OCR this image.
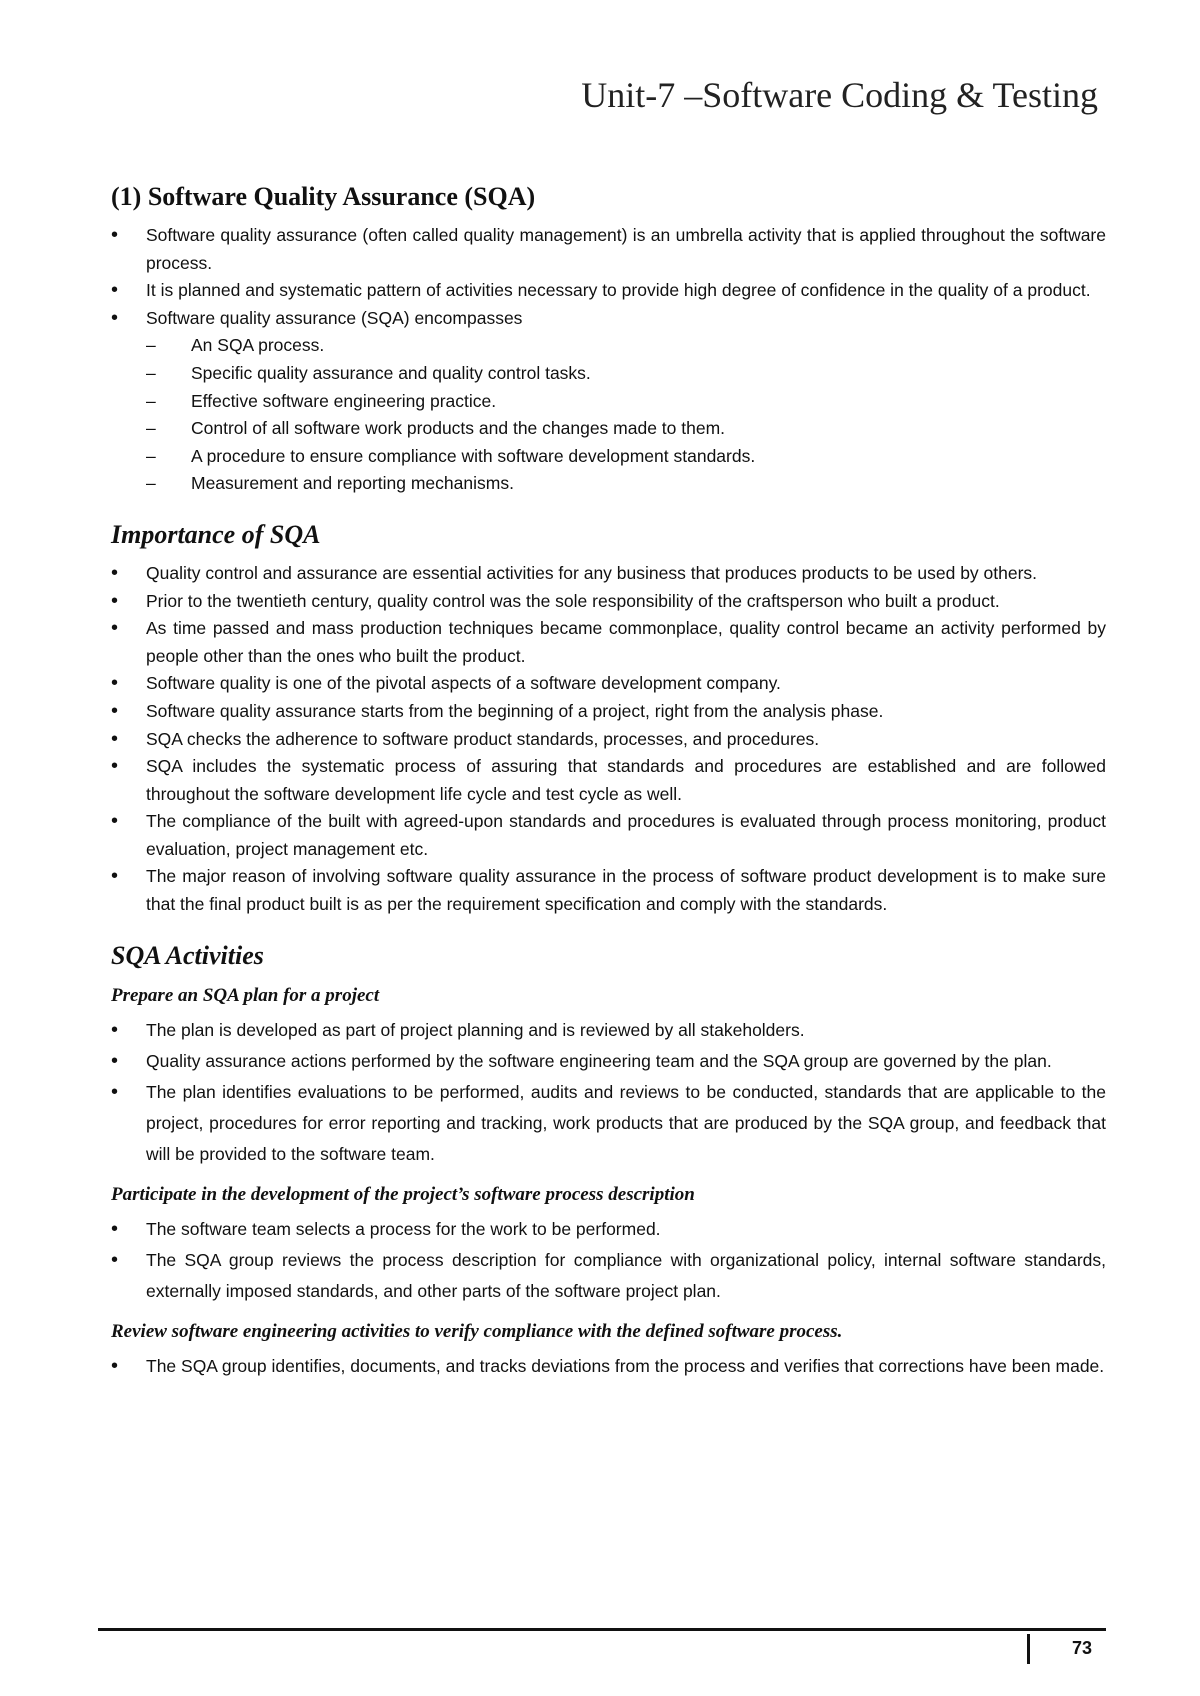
Unit-7 –Software Coding & Testing
(1) Software Quality Assurance (SQA)
• Software quality assurance (often called quality management) is an umbrella activity that is applied throughout the software process.
• It is planned and systematic pattern of activities necessary to provide high degree of confidence in the quality of a product.
• Software quality assurance (SQA) encompasses
– An SQA process.
– Specific quality assurance and quality control tasks.
– Effective software engineering practice.
– Control of all software work products and the changes made to them.
– A procedure to ensure compliance with software development standards.
– Measurement and reporting mechanisms.
Importance of SQA
• Quality control and assurance are essential activities for any business that produces products to be used by others.
• Prior to the twentieth century, quality control was the sole responsibility of the craftsperson who built a product.
• As time passed and mass production techniques became commonplace, quality control became an activity performed by people other than the ones who built the product.
• Software quality is one of the pivotal aspects of a software development company.
• Software quality assurance starts from the beginning of a project, right from the analysis phase.
• SQA checks the adherence to software product standards, processes, and procedures.
• SQA includes the systematic process of assuring that standards and procedures are established and are followed throughout the software development life cycle and test cycle as well.
• The compliance of the built with agreed-upon standards and procedures is evaluated through process monitoring, product evaluation, project management etc.
• The major reason of involving software quality assurance in the process of software product development is to make sure that the final product built is as per the requirement specification and comply with the standards.
SQA Activities
Prepare an SQA plan for a project
• The plan is developed as part of project planning and is reviewed by all stakeholders.
• Quality assurance actions performed by the software engineering team and the SQA group are governed by the plan.
• The plan identifies evaluations to be performed, audits and reviews to be conducted, standards that are applicable to the project, procedures for error reporting and tracking, work products that are produced by the SQA group, and feedback that will be provided to the software team.
Participate in the development of the project’s software process description
• The software team selects a process for the work to be performed.
• The SQA group reviews the process description for compliance with organizational policy, internal software standards, externally imposed standards, and other parts of the software project plan.
Review software engineering activities to verify compliance with the defined software process.
• The SQA group identifies, documents, and tracks deviations from the process and verifies that corrections have been made.
73
